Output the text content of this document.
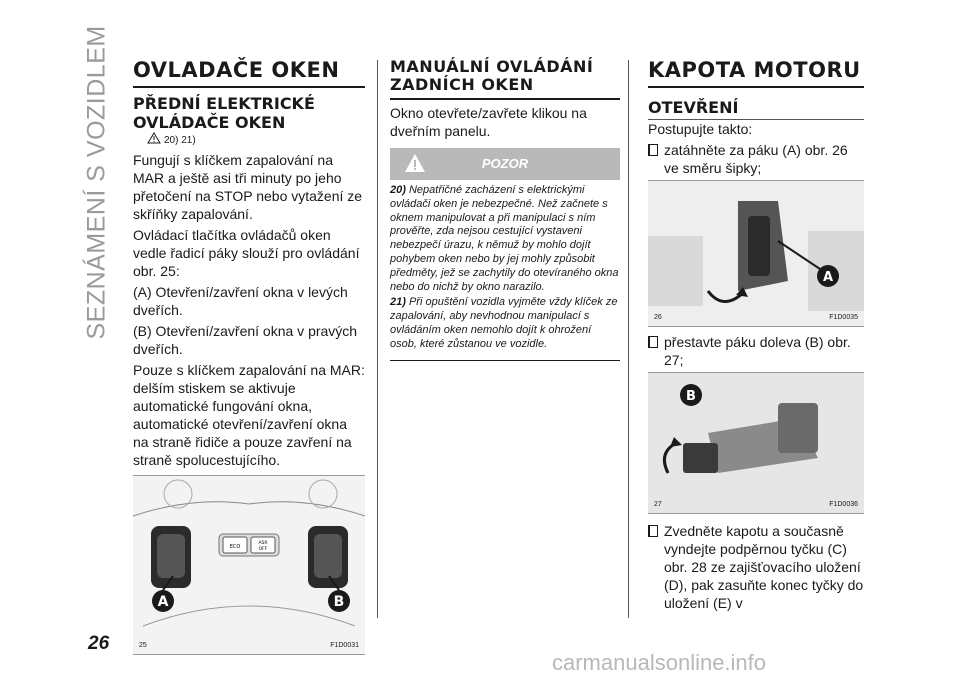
SEZNÁMENÍ S VOZIDLEM
26
carmanualsonline.info
OVLADAČE OKEN
PŘEDNÍ ELEKTRICKÉ OVLÁDAČE OKEN
20) 21)

Fungují s klíčkem zapalování na MAR a ještě asi tři minuty po jeho přetočení na STOP nebo vytažení ze skříňky zapalování.

Ovládací tlačítka ovládačů oken vedle řadicí páky slouží pro ovládání obr. 25:

(A) Otevření/zavření okna v levých dveřích.

(B) Otevření/zavření okna v pravých dveřích.

Pouze s klíčkem zapalování na MAR: delším stiskem se aktivuje automatické fungování okna, automatické otevření/zavření okna na straně řidiče a pouze zavření na straně spolucestujícího.

ECO
ASR
OFF
A	B
25	F1D0031
MANUÁLNÍ OVLÁDÁNÍ ZADNÍCH OKEN

Okno otevřete/zavřete klikou na dveřním panelu.

POZOR

20) Nepatřičné zacházení s elektrickými ovládači oken je nebezpečné. Než začnete s oknem manipulovat a při manipulaci s ním prověřte, zda nejsou cestující vystaveni nebezpečí úrazu, k němuž by mohlo dojít pohybem oken nebo by jej mohly způsobit předměty, jež se zachytily do otevíraného okna nebo do nichž by okno narazilo.

21) Při opuštění vozidla vyjměte vždy klíček ze zapalování, aby nevhodnou manipulací s ovládáním oken nemohlo dojít k ohrožení osob, které zůstanou ve vozidle.

KAPOTA MOTORU
OTEVŘENÍ

Postupujte takto:

zatáhněte za páku (A) obr. 26 ve směru šipky;
A
26	F1D0035
přestavte páku doleva (B) obr. 27;
B
27	F1D0036
Zvedněte kapotu a současně vyndejte podpěrnou tyčku (C) obr. 28 ze zajišťovacího uložení (D), pak zasuňte konec tyčky do uložení (E) v
